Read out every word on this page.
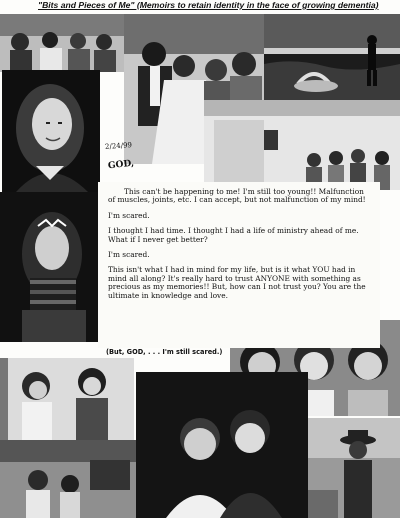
"Bits and Pieces of Me" (Memoirs to retain identity in the face of growing dementia)
2/24/99
GOD,

This can't be happening to me! I'm still too young!! Malfunction of muscles, joints, etc. I can accept, but not malfunction of my mind!

I'm scared.

I thought I had time. I thought I had a life of ministry ahead of me. What if I never get better?

I'm scared.

This isn't what I had in mind for my life, but is it what YOU had in mind all along? It's really hard to trust ANYONE with something as precious as my memories!! But, how can I not trust you? You are the ultimate in knowledge and love.

(But, GOD, . . . I'm still scared.)
